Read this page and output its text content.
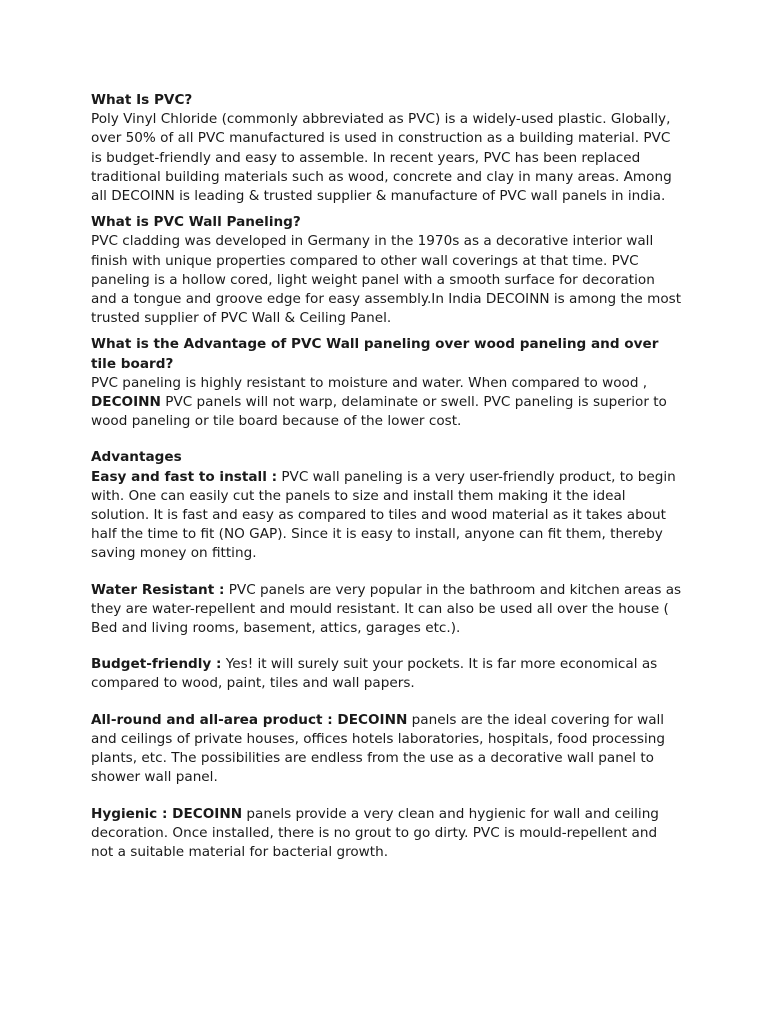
What Is PVC?

Poly Vinyl Chloride (commonly abbreviated as PVC) is a widely-used plastic. Globally, over 50% of all PVC manufactured is used in construction as a building material. PVC is budget-friendly and easy to assemble. In recent years, PVC has been replaced traditional building materials such as wood, concrete and clay in many areas. Among all DECOINN is leading & trusted supplier & manufacture of PVC wall panels in india.

What is PVC Wall Paneling?

PVC cladding was developed in Germany in the 1970s as a decorative interior wall finish with unique properties compared to other wall coverings at that time. PVC paneling is a hollow cored, light weight panel with a smooth surface for decoration and a tongue and groove edge for easy assembly.In India DECOINN is among the most trusted supplier of PVC Wall & Ceiling Panel.

What is the Advantage of PVC Wall paneling over wood paneling and over tile board?

PVC paneling is highly resistant to moisture and water. When compared to wood ,
DECOINN PVC panels will not warp, delaminate or swell. PVC paneling is superior to wood paneling or tile board because of the lower cost.

Advantages

Easy and fast to install : PVC wall paneling is a very user-friendly product, to begin with. One can easily cut the panels to size and install them making it the ideal solution. It is fast and easy as compared to tiles and wood material as it takes about half the time to fit (NO GAP). Since it is easy to install, anyone can fit them, thereby saving money on fitting.

Water Resistant : PVC panels are very popular in the bathroom and kitchen areas as they are water-repellent and mould resistant. It can also be used all over the house ( Bed and living rooms, basement, attics, garages etc.).

Budget-friendly : Yes! it will surely suit your pockets. It is far more economical as compared to wood, paint, tiles and wall papers.

All-round and all-area product : DECOINN panels are the ideal covering for wall and ceilings of private houses, offices hotels laboratories, hospitals, food processing plants, etc. The possibilities are endless from the use as a decorative wall panel to shower wall panel.

Hygienic : DECOINN panels provide a very clean and hygienic for wall and ceiling decoration. Once installed, there is no grout to go dirty. PVC is mould-repellent and not a suitable material for bacterial growth.
